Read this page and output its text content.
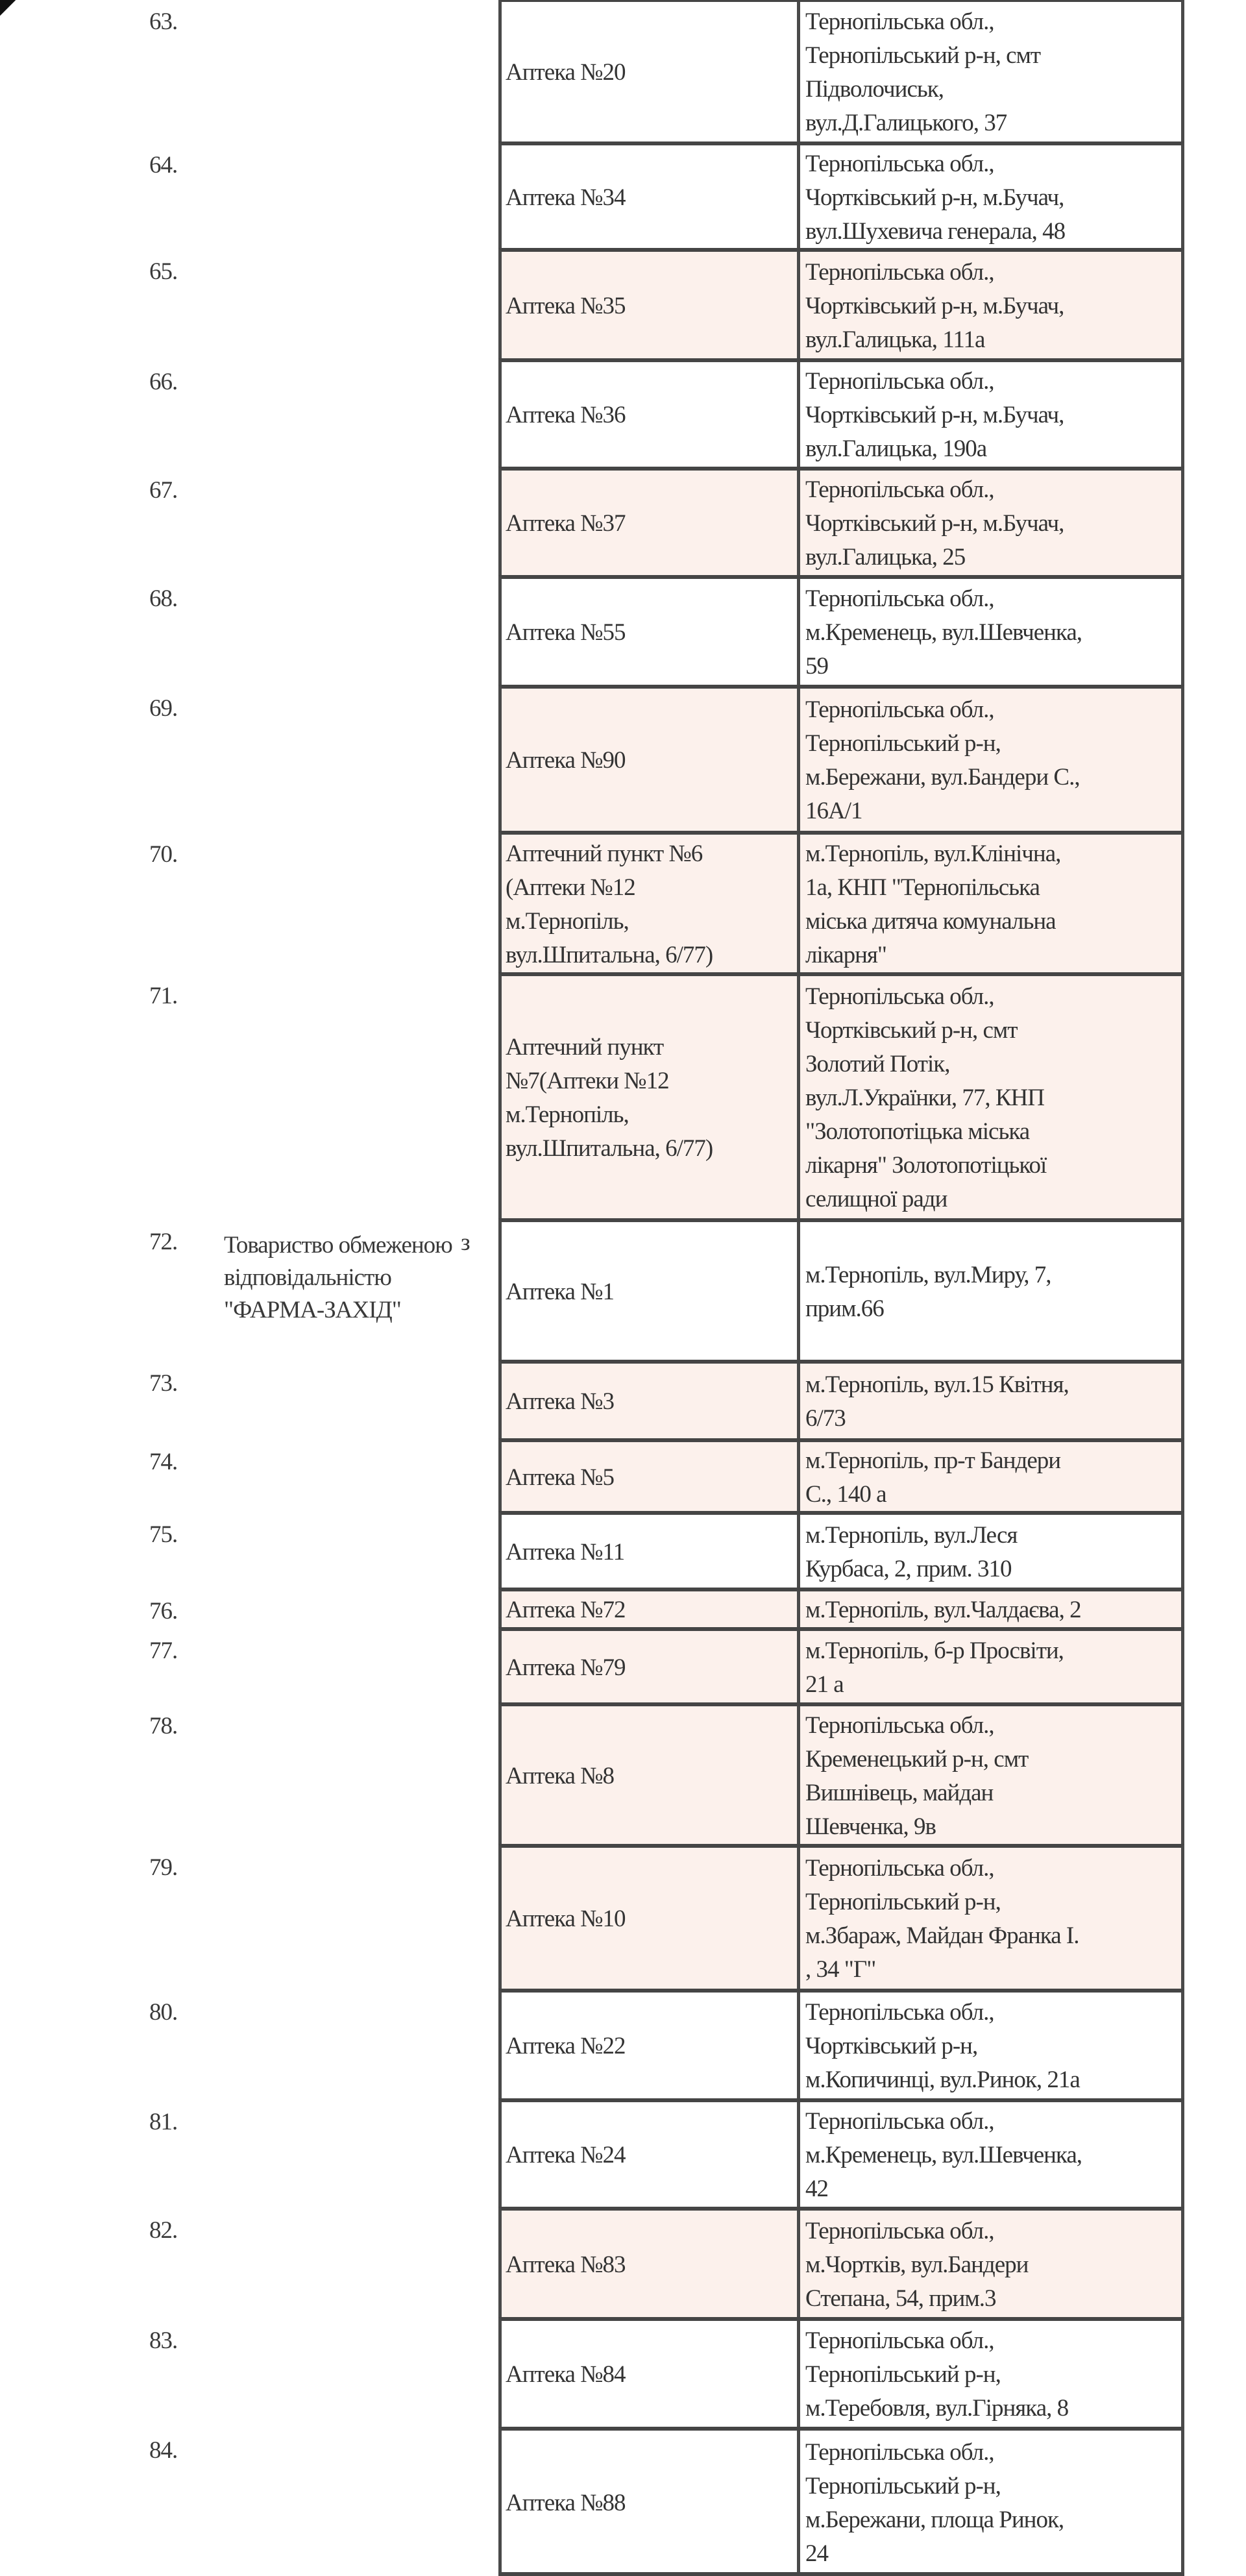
63.
64.
65.
66.
67.
68.
69.
70.
71.
72.
73.
74.
75.
76.
77.
78.
79.
80.
81.
82.
83.
84.
Товариство обмеженою відповідальністю "ФАРМА-ЗАХІД"
з
Аптека №20
Тернопільська обл.,
Тернопільський р-н, смт
Підволочиськ,
вул.Д.Галицького, 37
Аптека №34
Тернопільська обл.,
Чортківський р-н, м.Бучач,
вул.Шухевича генерала, 48
Аптека №35
Тернопільська обл.,
Чортківський р-н, м.Бучач,
вул.Галицька, 111а
Аптека №36
Тернопільська обл.,
Чортківський р-н, м.Бучач,
вул.Галицька, 190а
Аптека №37
Тернопільська обл.,
Чортківський р-н, м.Бучач,
вул.Галицька, 25
Аптека №55
Тернопільська обл.,
м.Кременець, вул.Шевченка,
59
Аптека №90
Тернопільська обл.,
Тернопільський р-н,
м.Бережани, вул.Бандери С.,
16А/1
Аптечний пункт №6
(Аптеки №12
м.Тернопіль,
вул.Шпитальна, 6/77)
м.Тернопіль, вул.Клінічна,
1а, КНП "Тернопільська
міська дитяча комунальна
лікарня"
Аптечний пункт
№7(Аптеки №12
м.Тернопіль,
вул.Шпитальна, 6/77)
Тернопільська обл.,
Чортківський р-н, смт
Золотий Потік,
вул.Л.Українки, 77, КНП
"Золотопотіцька міська
лікарня" Золотопотіцької
селищної ради
Аптека №1
м.Тернопіль, вул.Миру, 7,
прим.66
Аптека №3
м.Тернопіль, вул.15 Квітня,
6/73
Аптека №5
м.Тернопіль, пр-т Бандери
С., 140 а
Аптека №11
м.Тернопіль, вул.Леся
Курбаса, 2, прим. 310
Аптека №72	м.Тернопіль, вул.Чалдаєва, 2
Аптека №79
м.Тернопіль, б-р Просвіти,
21 а
Аптека №8
Тернопільська обл.,
Кременецький р-н, смт
Вишнівець, майдан
Шевченка, 9в
Аптека №10
Тернопільська обл.,
Тернопільський р-н,
м.Збараж, Майдан Франка І.
, 34 "Г"
Аптека №22
Тернопільська обл.,
Чортківський р-н,
м.Копичинці, вул.Ринок, 21а
Аптека №24
Тернопільська обл.,
м.Кременець, вул.Шевченка,
42
Аптека №83
Тернопільська обл.,
м.Чортків, вул.Бандери
Степана, 54, прим.3
Аптека №84
Тернопільська обл.,
Тернопільський р-н,
м.Теребовля, вул.Гірняка, 8
Аптека №88
Тернопільська обл.,
Тернопільський р-н,
м.Бережани, площа Ринок,
24
